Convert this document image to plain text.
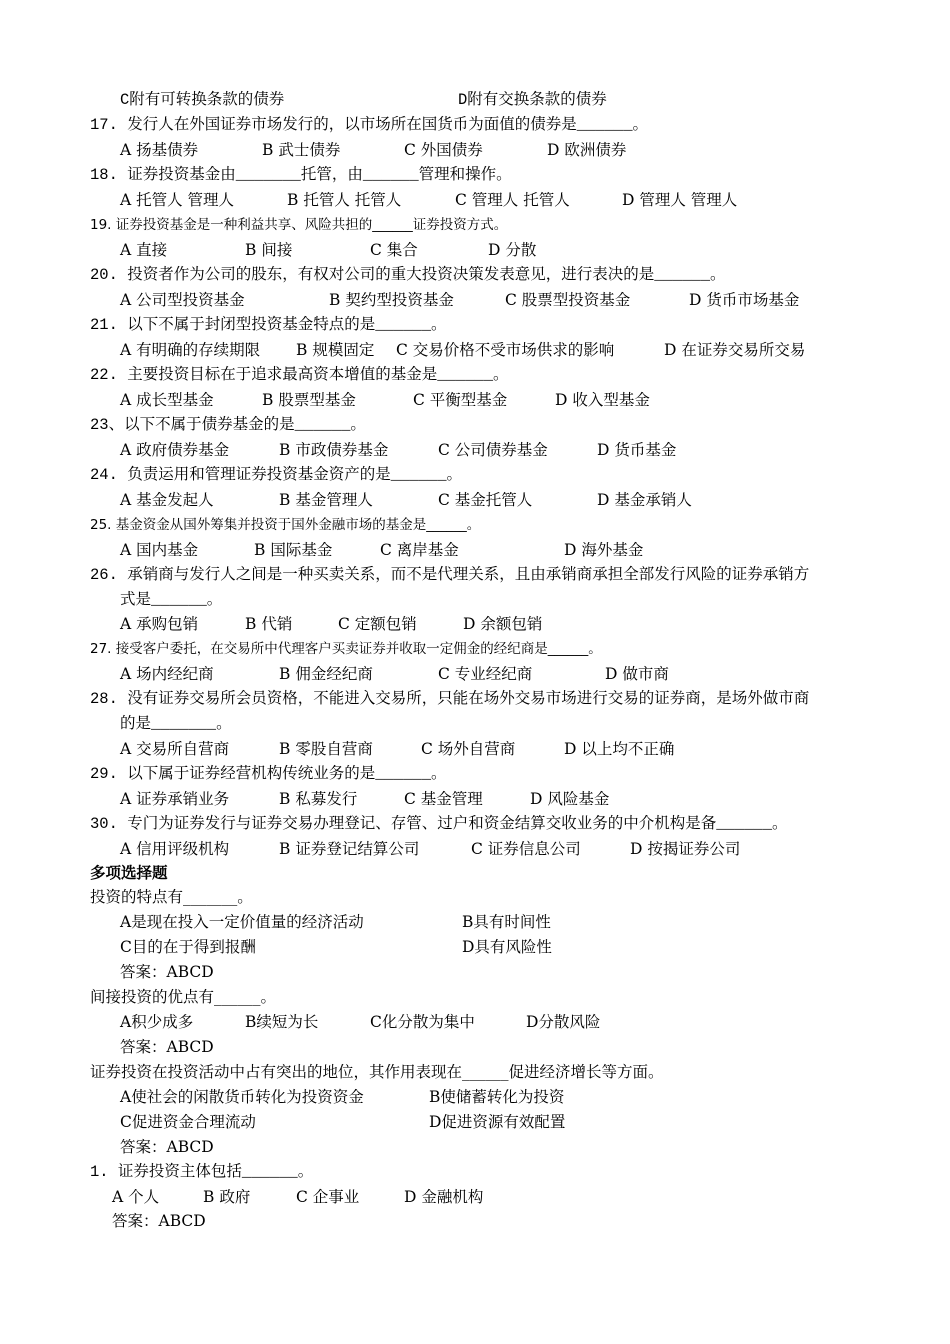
C附有可转换条款的债券	D附有交换条款的债券
17. 发行人在外国证券市场发行的，以市场所在国货币为面值的债券是______。
A 扬基债券	B 武士债券	C 外国债券	D 欧洲债券
18. 证券投资基金由_______托管，由______管理和操作。
A 托管人 管理人	B 托管人 托管人	C 管理人 托管人	D 管理人 管理人
19. 证券投资基金是一种利益共享、风险共担的______证券投资方式。
A 直接	B 间接	C 集合	D 分散
20. 投资者作为公司的股东，有权对公司的重大投资决策发表意见，进行表决的是______。
A 公司型投资基金	B 契约型投资基金	C 股票型投资基金	D 货币市场基金
21. 以下不属于封闭型投资基金特点的是______。
A 有明确的存续期限 B 规模固定 C 交易价格不受市场供求的影响	D 在证券交易所交易
22. 主要投资目标在于追求最高资本增值的基金是______。
A 成长型基金	B 股票型基金	C 平衡型基金	D 收入型基金
23、以下不属于债券基金的是______。
A 政府债券基金	B 市政债券基金	C 公司债券基金	D 货币基金
24. 负责运用和管理证券投资基金资产的是______。
A 基金发起人	B 基金管理人	C 基金托管人	D 基金承销人
25. 基金资金从国外筹集并投资于国外金融市场的基金是______。
A 国内基金	B 国际基金	C 离岸基金	D 海外基金
26. 承销商与发行人之间是一种买卖关系，而不是代理关系，且由承销商承担全部发行风险的证券承销方
式是______。
A 承购包销	B 代销	C 定额包销	D 余额包销
27. 接受客户委托，在交易所中代理客户买卖证券并收取一定佣金的经纪商是______。
A 场内经纪商	B 佣金经纪商	C 专业经纪商	D 做市商
28. 没有证券交易所会员资格，不能进入交易所，只能在场外交易市场进行交易的证券商，是场外做市商
的是_______。
A 交易所自营商	B 零股自营商	C 场外自营商	D 以上均不正确
29. 以下属于证券经营机构传统业务的是______。
A 证券承销业务	B 私募发行	C 基金管理	D 风险基金
30. 专门为证券发行与证券交易办理登记、存管、过户和资金结算交收业务的中介机构是备______。
A 信用评级机构	B 证券登记结算公司	C 证券信息公司	D 按揭证券公司
多项选择题
投资的特点有_______。
A是现在投入一定价值量的经济活动	B具有时间性
C目的在于得到报酬	D具有风险性
答案：ABCD
间接投资的优点有______。
A积少成多	B续短为长	C化分散为集中	D分散风险
答案：ABCD
证券投资在投资活动中占有突出的地位，其作用表现在______促进经济增长等方面。
A使社会的闲散货币转化为投资资金	B使储蓄转化为投资
C促进资金合理流动	D促进资源有效配置
答案：ABCD
1. 证券投资主体包括______。
A 个人	B 政府	C 企事业	D 金融机构
答案：ABCD
